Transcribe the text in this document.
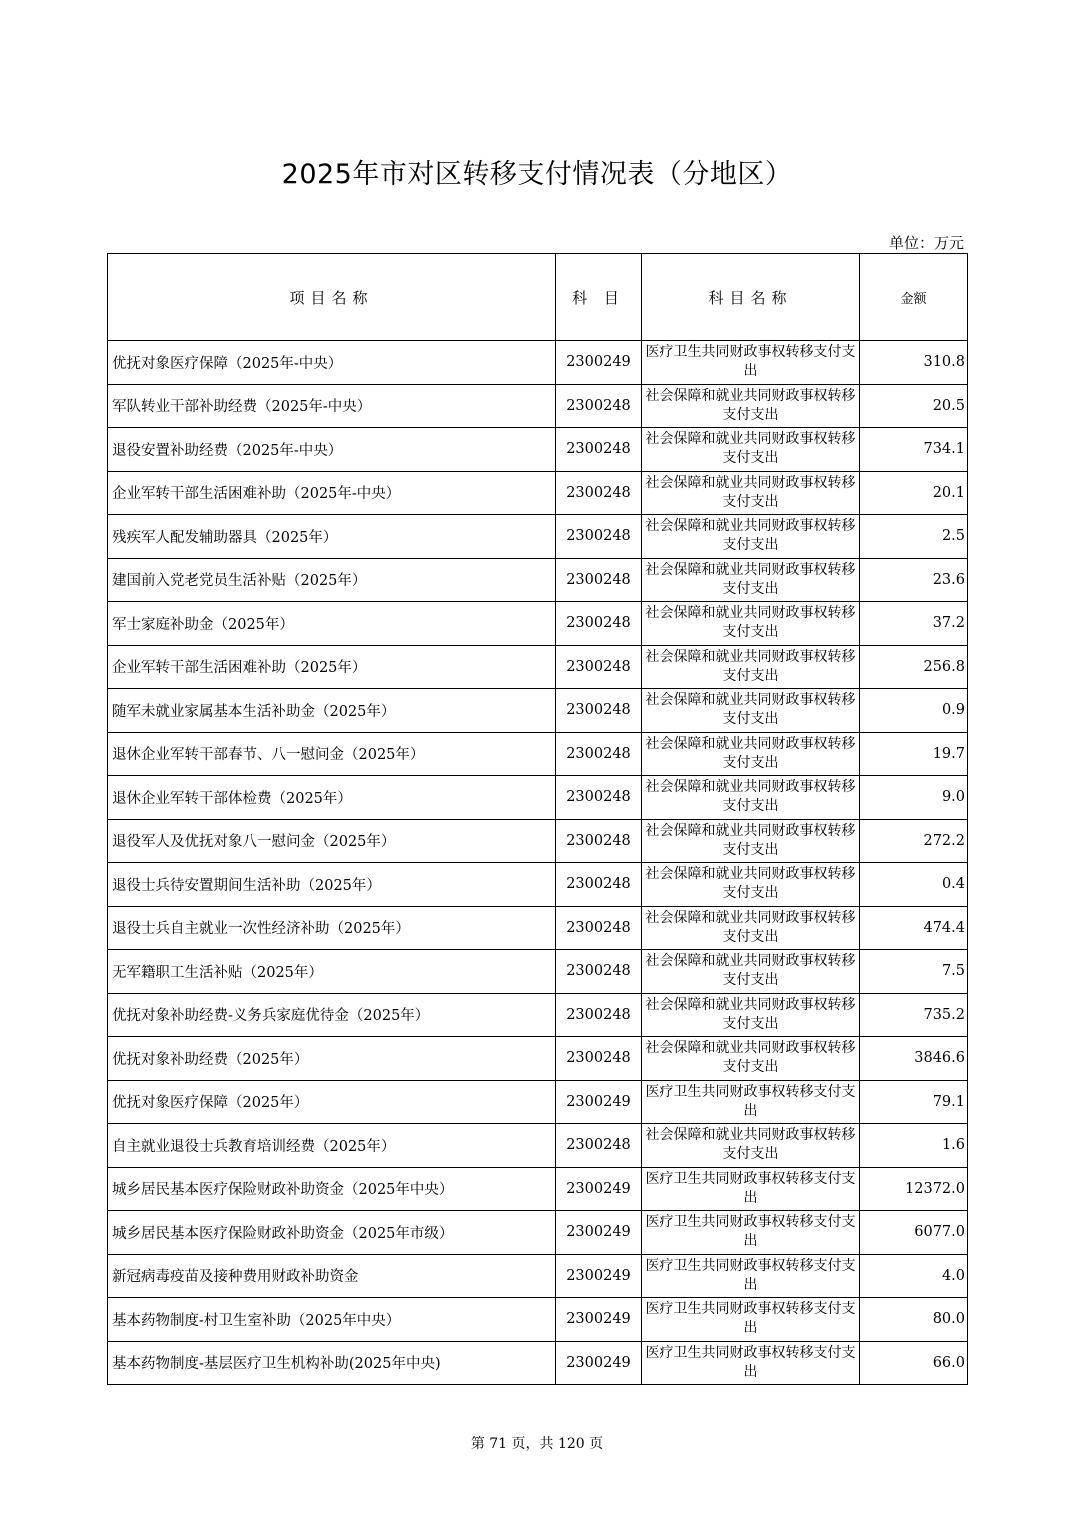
2025年市对区转移支付情况表（分地区）
单位：万元
项目名称	科 目	科目名称	金额
优抚对象医疗保障（2025年-中央）	2300249	医疗卫生共同财政事权转移支付支出	310.8
军队转业干部补助经费（2025年-中央）	2300248	社会保障和就业共同财政事权转移支付支出	20.5
退役安置补助经费（2025年-中央）	2300248	社会保障和就业共同财政事权转移支付支出	734.1
企业军转干部生活困难补助（2025年-中央）	2300248	社会保障和就业共同财政事权转移支付支出	20.1
残疾军人配发辅助器具（2025年）	2300248	社会保障和就业共同财政事权转移支付支出	2.5
建国前入党老党员生活补贴（2025年）	2300248	社会保障和就业共同财政事权转移支付支出	23.6
军士家庭补助金（2025年）	2300248	社会保障和就业共同财政事权转移支付支出	37.2
企业军转干部生活困难补助（2025年）	2300248	社会保障和就业共同财政事权转移支付支出	256.8
随军未就业家属基本生活补助金（2025年）	2300248	社会保障和就业共同财政事权转移支付支出	0.9
退休企业军转干部春节、八一慰问金（2025年）	2300248	社会保障和就业共同财政事权转移支付支出	19.7
退休企业军转干部体检费（2025年）	2300248	社会保障和就业共同财政事权转移支付支出	9.0
退役军人及优抚对象八一慰问金（2025年）	2300248	社会保障和就业共同财政事权转移支付支出	272.2
退役士兵待安置期间生活补助（2025年）	2300248	社会保障和就业共同财政事权转移支付支出	0.4
退役士兵自主就业一次性经济补助（2025年）	2300248	社会保障和就业共同财政事权转移支付支出	474.4
无军籍职工生活补贴（2025年）	2300248	社会保障和就业共同财政事权转移支付支出	7.5
优抚对象补助经费-义务兵家庭优待金（2025年）	2300248	社会保障和就业共同财政事权转移支付支出	735.2
优抚对象补助经费（2025年）	2300248	社会保障和就业共同财政事权转移支付支出	3846.6
优抚对象医疗保障（2025年）	2300249	医疗卫生共同财政事权转移支付支出	79.1
自主就业退役士兵教育培训经费（2025年）	2300248	社会保障和就业共同财政事权转移支付支出	1.6
城乡居民基本医疗保险财政补助资金（2025年中央）	2300249	医疗卫生共同财政事权转移支付支出	12372.0
城乡居民基本医疗保险财政补助资金（2025年市级）	2300249	医疗卫生共同财政事权转移支付支出	6077.0
新冠病毒疫苗及接种费用财政补助资金	2300249	医疗卫生共同财政事权转移支付支出	4.0
基本药物制度-村卫生室补助（2025年中央）	2300249	医疗卫生共同财政事权转移支付支出	80.0
基本药物制度-基层医疗卫生机构补助(2025年中央)	2300249	医疗卫生共同财政事权转移支付支出	66.0
第 71 页，共 120 页
